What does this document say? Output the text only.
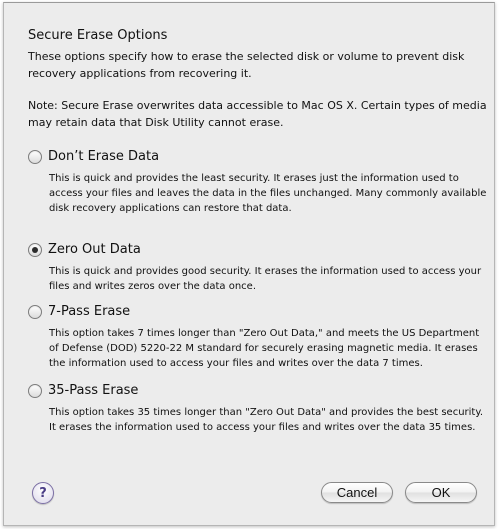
Secure Erase Options

These options specify how to erase the selected disk or volume to prevent disk recovery applications from recovering it.

Note: Secure Erase overwrites data accessible to Mac OS X. Certain types of media may retain data that Disk Utility cannot erase.

Don’t Erase Data

This is quick and provides the least security. It erases just the information used to access your files and leaves the data in the files unchanged. Many commonly available disk recovery applications can restore that data.

Zero Out Data

This is quick and provides good security. It erases the information used to access your files and writes zeros over the data once.

7-Pass Erase

This option takes 7 times longer than "Zero Out Data," and meets the US Department of Defense (DOD) 5220-22 M standard for securely erasing magnetic media. It erases the information used to access your files and writes over the data 7 times.

35-Pass Erase

This option takes 35 times longer than "Zero Out Data" and provides the best security. It erases the information used to access your files and writes over the data 35 times.

?	Cancel	OK
